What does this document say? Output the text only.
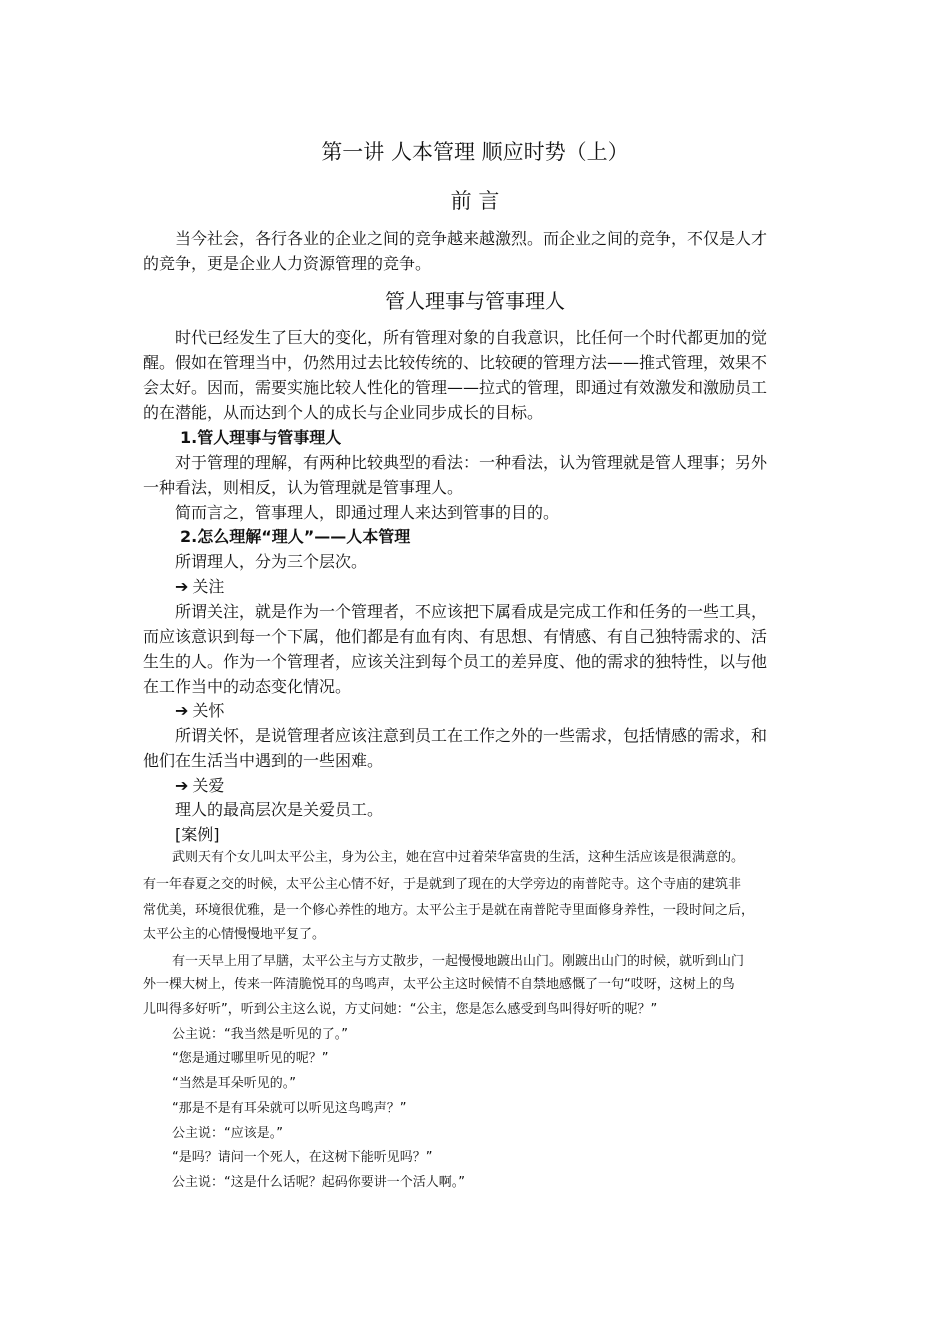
第一讲 人本管理 顺应时势（上）
前 言
当今社会，各行各业的企业之间的竞争越来越激烈。而企业之间的竞争，不仅是人才
的竞争，更是企业人力资源管理的竞争。
管人理事与管事理人
时代已经发生了巨大的变化，所有管理对象的自我意识，比任何一个时代都更加的觉
醒。假如在管理当中，仍然用过去比较传统的、比较硬的管理方法——推式管理，效果不
会太好。因而，需要实施比较人性化的管理——拉式的管理，即通过有效激发和激励员工
的在潜能，从而达到个人的成长与企业同步成长的目标。
1.管人理事与管事理人
对于管理的理解，有两种比较典型的看法：一种看法，认为管理就是管人理事；另外
一种看法，则相反，认为管理就是管事理人。
简而言之，管事理人，即通过理人来达到管事的目的。
2.怎么理解“理人”——人本管理
所谓理人，分为三个层次。
➔ 关注
所谓关注，就是作为一个管理者，不应该把下属看成是完成工作和任务的一些工具，
而应该意识到每一个下属，他们都是有血有肉、有思想、有情感、有自己独特需求的、活
生生的人。作为一个管理者，应该关注到每个员工的差异度、他的需求的独特性，以与他
在工作当中的动态变化情况。
➔ 关怀
所谓关怀，是说管理者应该注意到员工在工作之外的一些需求，包括情感的需求，和
他们在生活当中遇到的一些困难。
➔ 关爱
理人的最高层次是关爱员工。
[案例]
武则天有个女儿叫太平公主，身为公主，她在宫中过着荣华富贵的生活，这种生活应该是很满意的。
有一年春夏之交的时候，太平公主心情不好，于是就到了现在的大学旁边的南普陀寺。这个寺庙的建筑非
常优美，环境很优雅，是一个修心养性的地方。太平公主于是就在南普陀寺里面修身养性，一段时间之后，
太平公主的心情慢慢地平复了。
有一天早上用了早膳，太平公主与方丈散步，一起慢慢地踱出山门。刚踱出山门的时候，就听到山门
外一棵大树上，传来一阵清脆悦耳的鸟鸣声，太平公主这时候情不自禁地感慨了一句“哎呀，这树上的鸟
儿叫得多好听”，听到公主这么说，方丈问她：“公主，您是怎么感受到鸟叫得好听的呢？”
公主说：“我当然是听见的了。”
“您是通过哪里听见的呢？”
“当然是耳朵听见的。”
“那是不是有耳朵就可以听见这鸟鸣声？”
公主说：“应该是。”
“是吗？请问一个死人，在这树下能听见吗？”
公主说：“这是什么话呢？起码你要讲一个活人啊。”
